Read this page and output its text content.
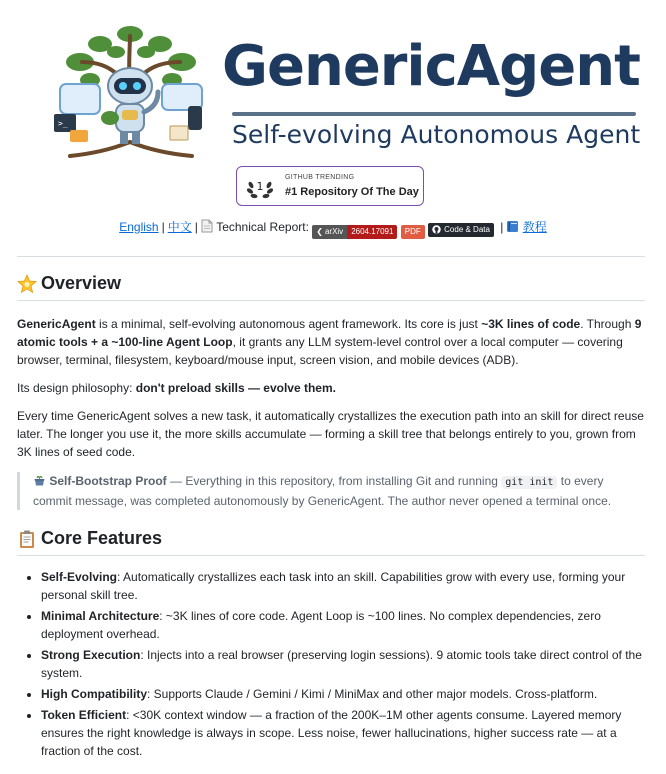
>_
GenericAgent
Self-evolving Autonomous Agent
1
GITHUB TRENDING
#1 Repository Of The Day
English | 中文 | Technical Report: ❮ arXiv	2604.17091	PDF	Code & Data | 教程
Overview

GenericAgent is a minimal, self-evolving autonomous agent framework. Its core is just ~3K lines of code. Through 9 atomic tools + a ~100-line Agent Loop, it grants any LLM system-level control over a local computer — covering browser, terminal, filesystem, keyboard/mouse input, screen vision, and mobile devices (ADB).

Its design philosophy: don't preload skills — evolve them.

Every time GenericAgent solves a new task, it automatically crystallizes the execution path into an skill for direct reuse later. The longer you use it, the more skills accumulate — forming a skill tree that belongs entirely to you, grown from 3K lines of seed code.

Self-Bootstrap Proof — Everything in this repository, from installing Git and running git init to every commit message, was completed autonomously by GenericAgent. The author never opened a terminal once.
Core Features
• Self-Evolving: Automatically crystallizes each task into an skill. Capabilities grow with every use, forming your personal skill tree.
• Minimal Architecture: ~3K lines of core code. Agent Loop is ~100 lines. No complex dependencies, zero deployment overhead.
• Strong Execution: Injects into a real browser (preserving login sessions). 9 atomic tools take direct control of the system.
• High Compatibility: Supports Claude / Gemini / Kimi / MiniMax and other major models. Cross-platform.
• Token Efficient: <30K context window — a fraction of the 200K–1M other agents consume. Layered memory ensures the right knowledge is always in scope. Less noise, fewer hallucinations, higher success rate — at a fraction of the cost.
